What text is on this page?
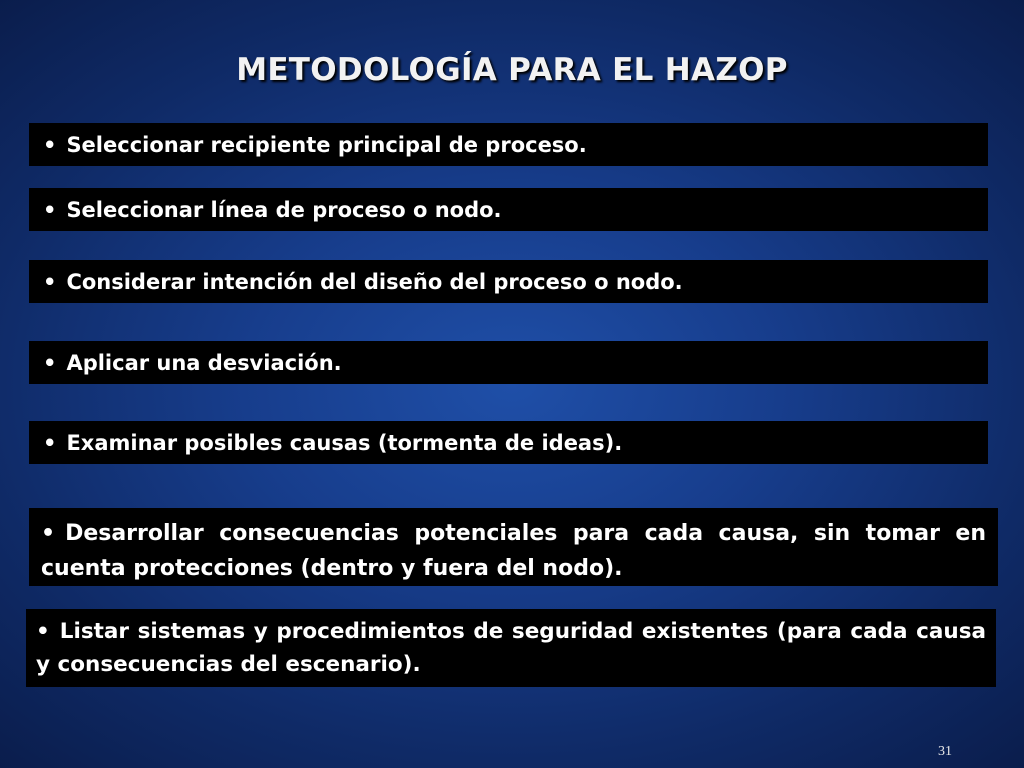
METODOLOGÍA PARA EL HAZOP
• Seleccionar recipiente principal de proceso.
• Seleccionar línea de proceso o nodo.
• Considerar intención del diseño del proceso o nodo.
• Aplicar una desviación.
• Examinar posibles causas (tormenta de ideas).
• Desarrollar consecuencias potenciales para cada causa, sin tomar en cuenta protecciones (dentro y fuera del nodo).
• Listar sistemas y procedimientos de seguridad existentes (para cada causa y consecuencias del escenario).
31
